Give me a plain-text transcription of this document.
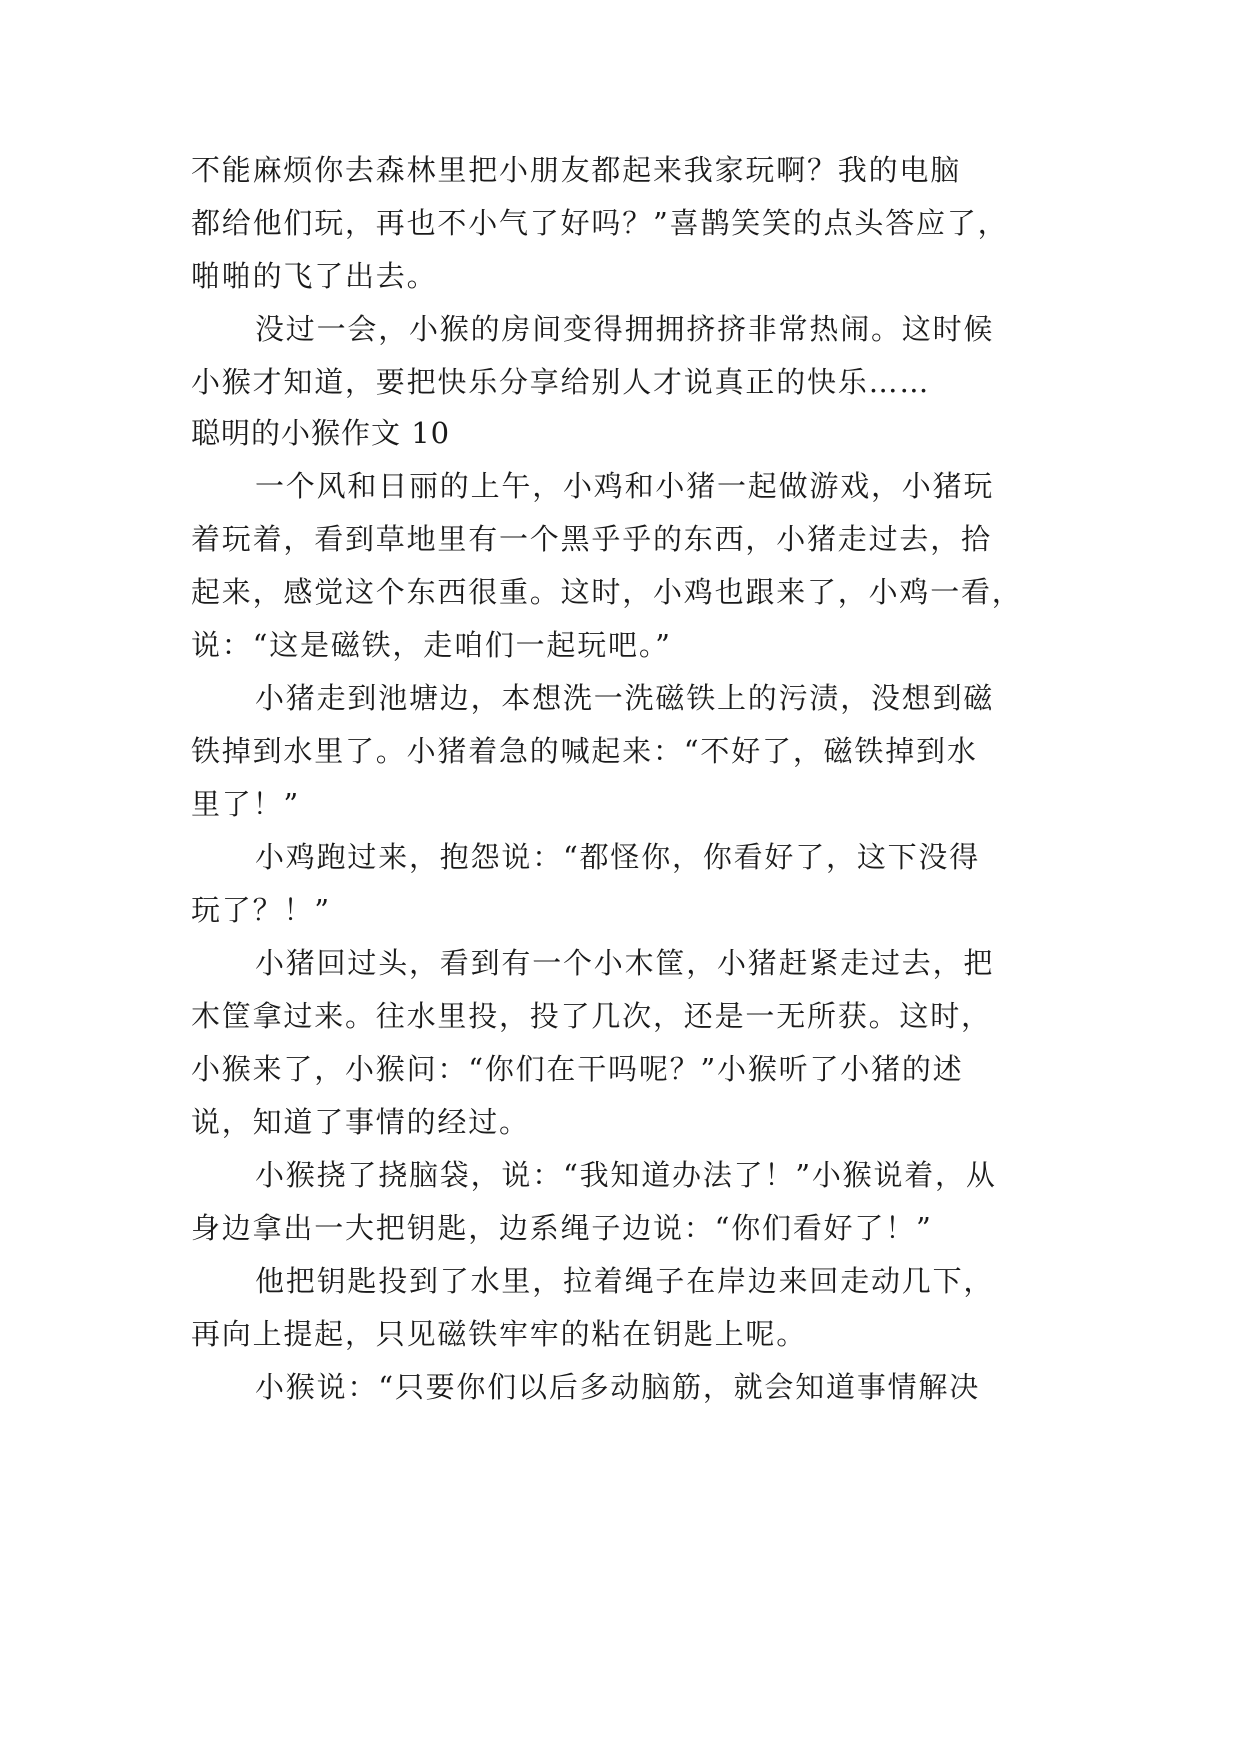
不能麻烦你去森林里把小朋友都起来我家玩啊？我的电脑
都给他们玩，再也不小气了好吗？”喜鹊笑笑的点头答应了，
啪啪的飞了出去。
没过一会，小猴的房间变得拥拥挤挤非常热闹。这时候
小猴才知道，要把快乐分享给别人才说真正的快乐……
聪明的小猴作文 10
一个风和日丽的上午，小鸡和小猪一起做游戏，小猪玩
着玩着，看到草地里有一个黑乎乎的东西，小猪走过去，拾
起来，感觉这个东西很重。这时，小鸡也跟来了，小鸡一看，
说：“这是磁铁，走咱们一起玩吧。”
小猪走到池塘边，本想洗一洗磁铁上的污渍，没想到磁
铁掉到水里了。小猪着急的喊起来：“不好了，磁铁掉到水
里了！”
小鸡跑过来，抱怨说：“都怪你，你看好了，这下没得
玩了？！”
小猪回过头，看到有一个小木筐，小猪赶紧走过去，把
木筐拿过来。往水里投，投了几次，还是一无所获。这时，
小猴来了，小猴问：“你们在干吗呢？”小猴听了小猪的述
说，知道了事情的经过。
小猴挠了挠脑袋，说：“我知道办法了！”小猴说着，从
身边拿出一大把钥匙，边系绳子边说：“你们看好了！”
他把钥匙投到了水里，拉着绳子在岸边来回走动几下，
再向上提起，只见磁铁牢牢的粘在钥匙上呢。
小猴说：“只要你们以后多动脑筋，就会知道事情解决
